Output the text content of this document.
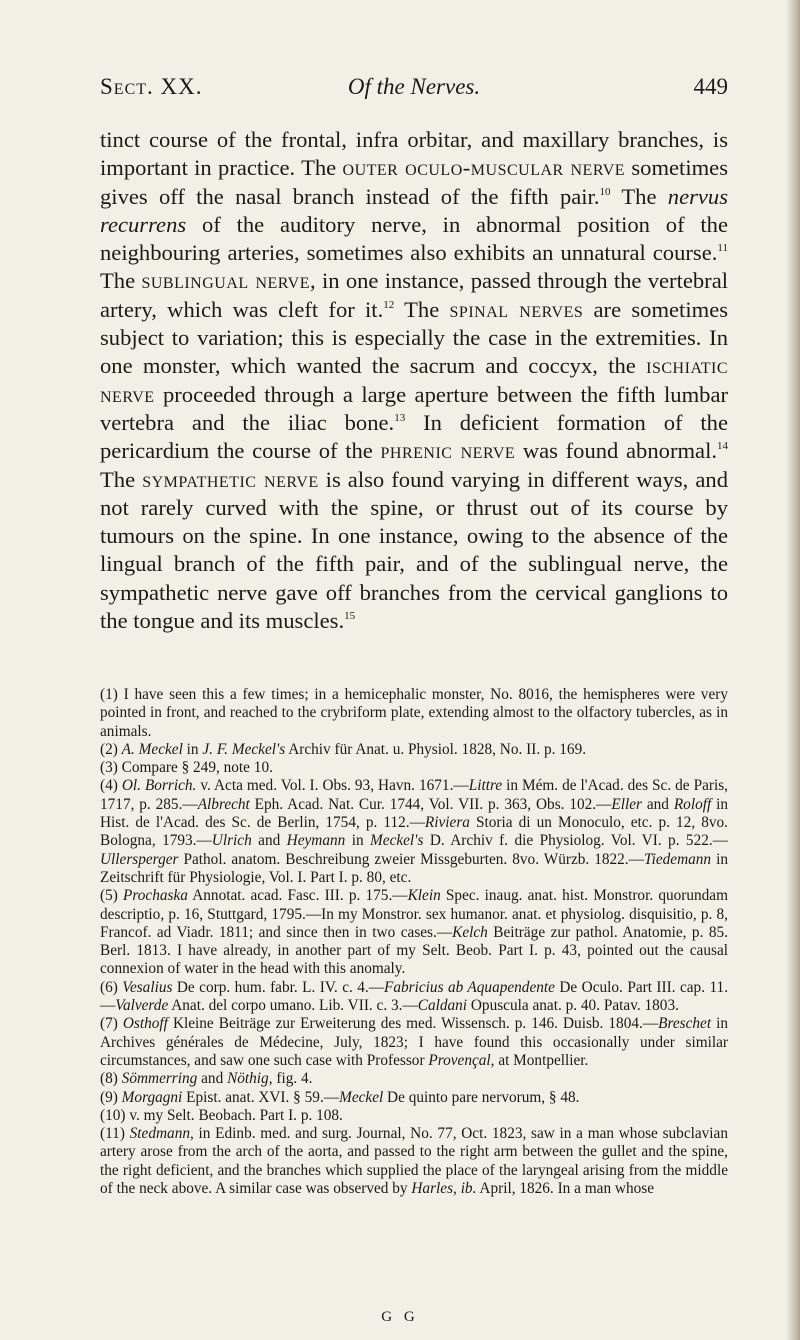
Sect. XX.	Of the Nerves.	449

tinct course of the frontal, infra orbitar, and maxillary branches, is important in practice. The outer oculo-muscular nerve sometimes gives off the nasal branch instead of the fifth pair.$^{10}$ The nervus recurrens of the auditory nerve, in abnormal position of the neighbouring arteries, sometimes also exhibits an unnatural course.$^{11}$ The sublingual nerve, in one instance, passed through the vertebral artery, which was cleft for it.$^{12}$ The spinal nerves are sometimes subject to variation; this is especially the case in the extremities. In one monster, which wanted the sacrum and coccyx, the ischiatic nerve proceeded through a large aperture between the fifth lumbar vertebra and the iliac bone.$^{13}$ In deficient formation of the pericardium the course of the phrenic nerve was found abnormal.$^{14}$ The sympathetic nerve is also found varying in different ways, and not rarely curved with the spine, or thrust out of its course by tumours on the spine. In one instance, owing to the absence of the lingual branch of the fifth pair, and of the sublingual nerve, the sympathetic nerve gave off branches from the cervical ganglions to the tongue and its muscles.$^{15}$

(1) I have seen this a few times; in a hemicephalic monster, No. 8016, the hemispheres were very pointed in front, and reached to the crybriform plate, extending almost to the olfactory tubercles, as in animals.

(2) A. Meckel in J. F. Meckel's Archiv für Anat. u. Physiol. 1828, No. II. p. 169.

(3) Compare § 249, note 10.

(4) Ol. Borrich. v. Acta med. Vol. I. Obs. 93, Havn. 1671.—Littre in Mém. de l'Acad. des Sc. de Paris, 1717, p. 285.—Albrecht Eph. Acad. Nat. Cur. 1744, Vol. VII. p. 363, Obs. 102.—Eller and Roloff in Hist. de l'Acad. des Sc. de Berlin, 1754, p. 112.—Riviera Storia di un Monoculo, etc. p. 12, 8vo. Bologna, 1793.—Ulrich and Heymann in Meckel's D. Archiv f. die Physiolog. Vol. VI. p. 522.—Ullersperger Pathol. anatom. Beschreibung zweier Missgeburten. 8vo. Würzb. 1822.—Tiedemann in Zeitschrift für Physiologie, Vol. I. Part I. p. 80, etc.

(5) Prochaska Annotat. acad. Fasc. III. p. 175.—Klein Spec. inaug. anat. hist. Monstror. quorundam descriptio, p. 16, Stuttgard, 1795.—In my Monstror. sex humanor. anat. et physiolog. disquisitio, p. 8, Francof. ad Viadr. 1811; and since then in two cases.—Kelch Beiträge zur pathol. Anatomie, p. 85. Berl. 1813. I have already, in another part of my Selt. Beob. Part I. p. 43, pointed out the causal connexion of water in the head with this anomaly.

(6) Vesalius De corp. hum. fabr. L. IV. c. 4.—Fabricius ab Aquapendente De Oculo. Part III. cap. 11.—Valverde Anat. del corpo umano. Lib. VII. c. 3.—Caldani Opuscula anat. p. 40. Patav. 1803.

(7) Osthoff Kleine Beiträge zur Erweiterung des med. Wissensch. p. 146. Duisb. 1804.—Breschet in Archives générales de Médecine, July, 1823; I have found this occasionally under similar circumstances, and saw one such case with Professor Provençal, at Montpellier.

(8) Sömmerring and Nöthig, fig. 4.

(9) Morgagni Epist. anat. XVI. § 59.—Meckel De quinto pare nervorum, § 48.

(10) v. my Selt. Beobach. Part I. p. 108.

(11) Stedmann, in Edinb. med. and surg. Journal, No. 77, Oct. 1823, saw in a man whose subclavian artery arose from the arch of the aorta, and passed to the right arm between the gullet and the spine, the right deficient, and the branches which supplied the place of the laryngeal arising from the middle of the neck above. A similar case was observed by Harles, ib. April, 1826. In a man whose

G G
